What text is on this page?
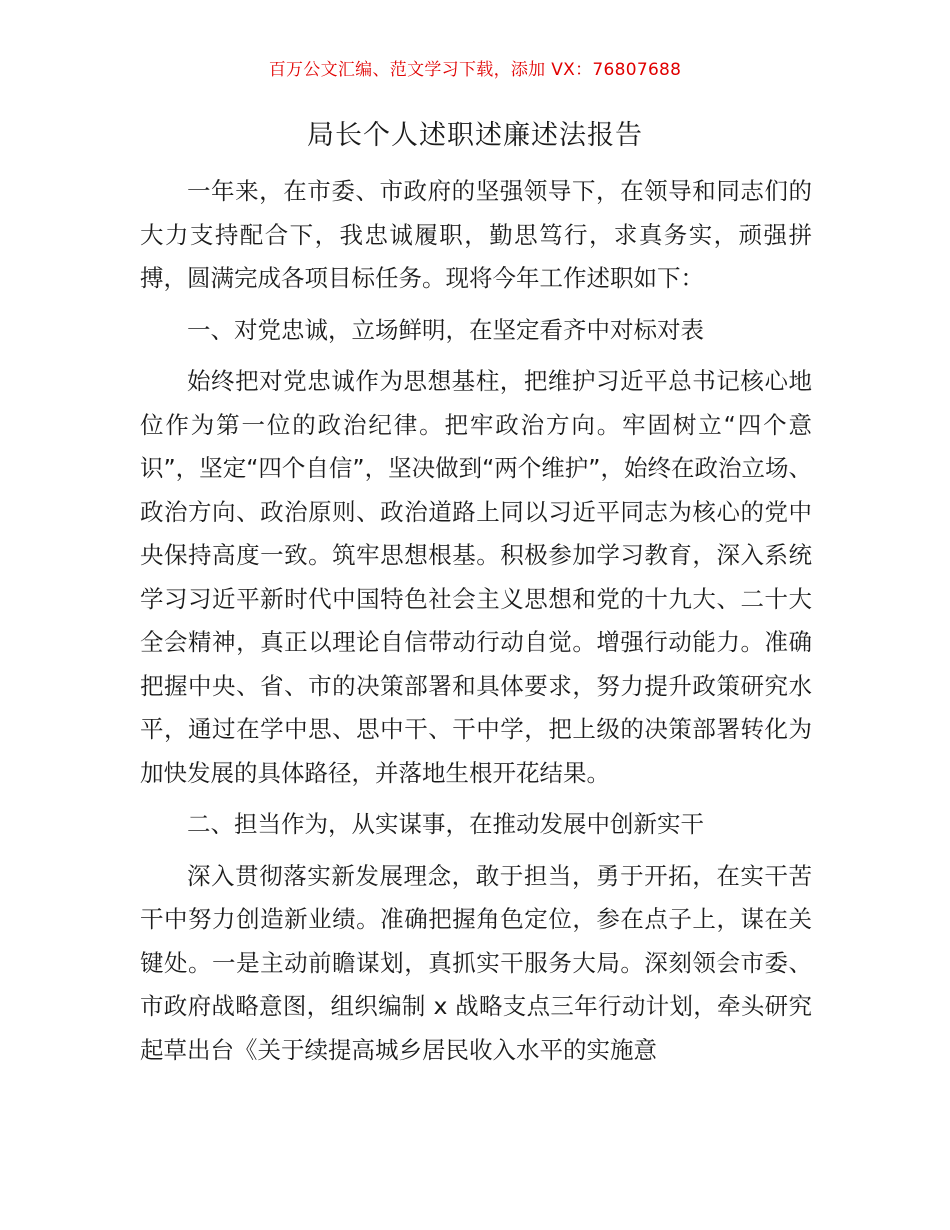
百万公文汇编、范文学习下载，添加 VX：76807688
局长个人述职述廉述法报告

一年来，在市委、市政府的坚强领导下，在领导和同志们的大力支持配合下，我忠诚履职，勤思笃行，求真务实，顽强拼搏，圆满完成各项目标任务。现将今年工作述职如下：

一、对党忠诚，立场鲜明，在坚定看齐中对标对表

始终把对党忠诚作为思想基柱，把维护习近平总书记核心地位作为第一位的政治纪律。把牢政治方向。牢固树立“四个意识”，坚定“四个自信”，坚决做到“两个维护”，始终在政治立场、政治方向、政治原则、政治道路上同以习近平同志为核心的党中央保持高度一致。筑牢思想根基。积极参加学习教育，深入系统学习习近平新时代中国特色社会主义思想和党的十九大、二十大全会精神，真正以理论自信带动行动自觉。增强行动能力。准确把握中央、省、市的决策部署和具体要求，努力提升政策研究水平，通过在学中思、思中干、干中学，把上级的决策部署转化为加快发展的具体路径，并落地生根开花结果。

二、担当作为，从实谋事，在推动发展中创新实干

深入贯彻落实新发展理念，敢于担当，勇于开拓，在实干苦干中努力创造新业绩。准确把握角色定位，参在点子上，谋在关键处。一是主动前瞻谋划，真抓实干服务大局。深刻领会市委、市政府战略意图，组织编制 x 战略支点三年行动计划，牵头研究起草出台《关于续提高城乡居民收入水平的实施意
